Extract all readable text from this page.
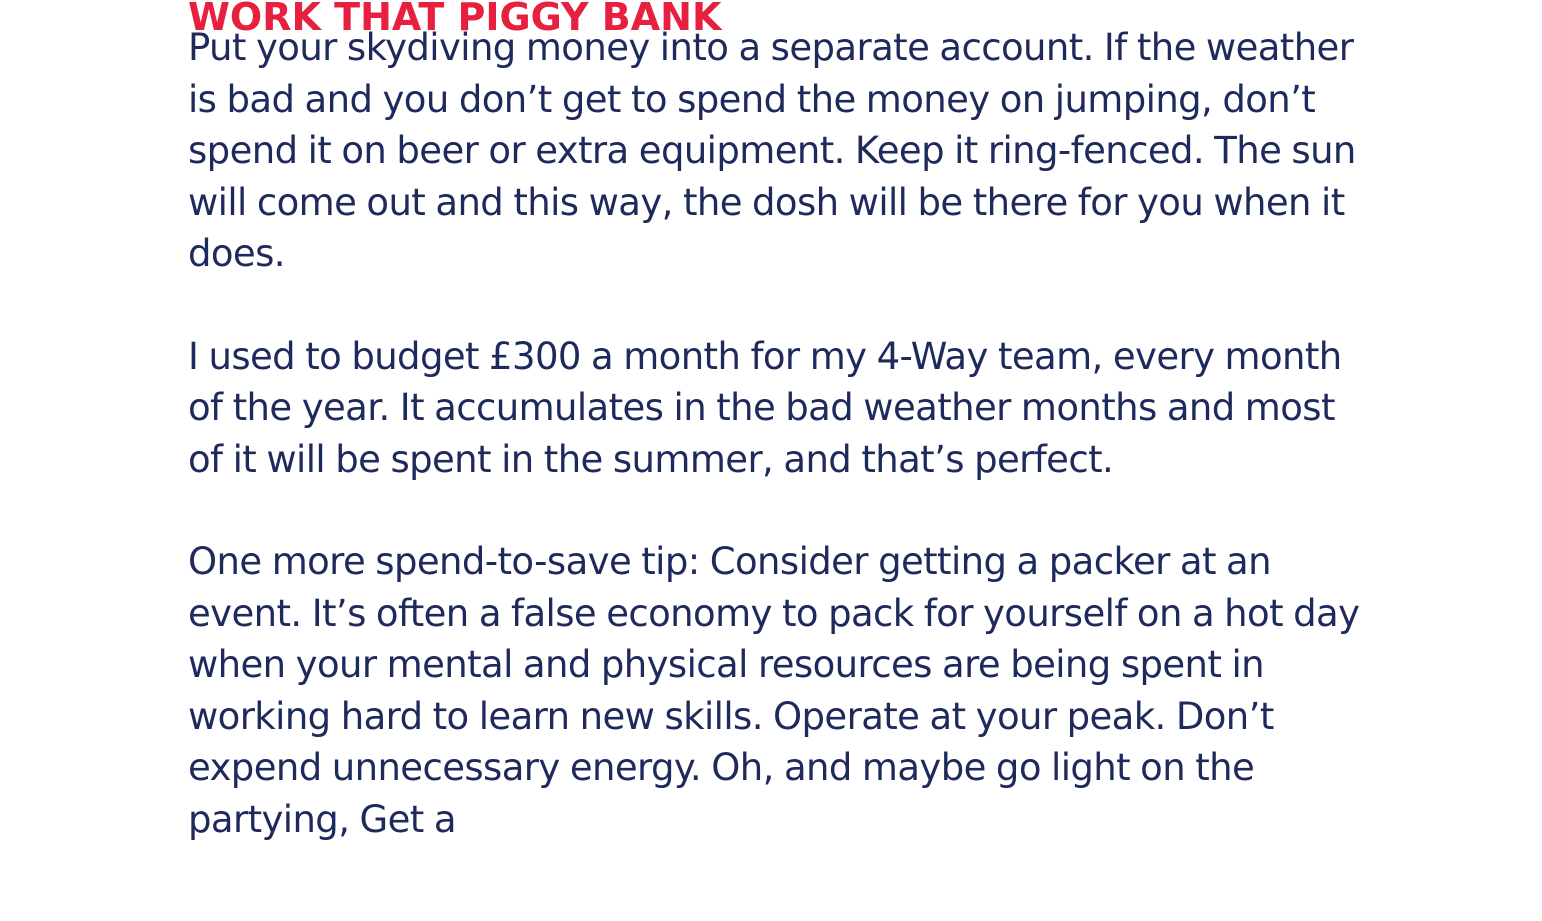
WORK THAT PIGGY BANK

Put your skydiving money into a separate account. If the weather is bad and you don’t get to spend the money on jumping, don’t spend it on beer or extra equipment. Keep it ring-fenced. The sun will come out and this way, the dosh will be there for you when it does.

I used to budget £300 a month for my 4-Way team, every month of the year. It accumulates in the bad weather months and most of it will be spent in the summer, and that’s perfect.

One more spend-to-save tip: Consider getting a packer at an event. It’s often a false economy to pack for yourself on a hot day when your mental and physical resources are being spent in working hard to learn new skills. Operate at your peak. Don’t expend unnecessary energy. Oh, and maybe go light on the partying, Get a
